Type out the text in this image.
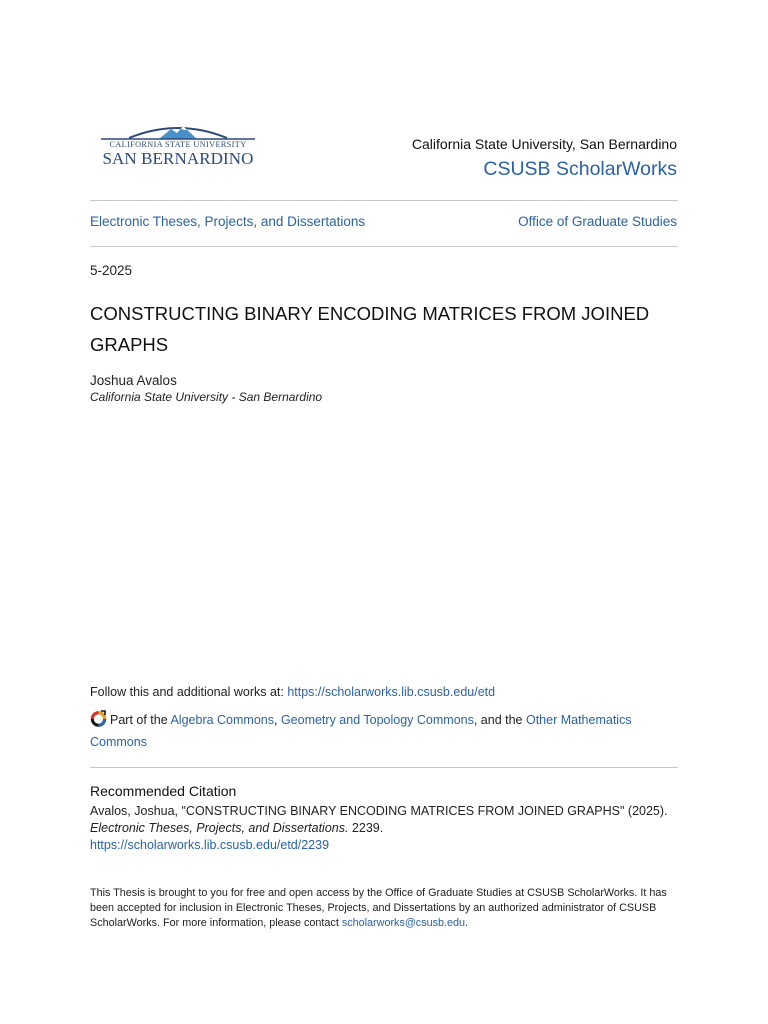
CALIFORNIA STATE UNIVERSITY
SAN BERNARDINO
California State University, San Bernardino
CSUSB ScholarWorks
Electronic Theses, Projects, and Dissertations	Office of Graduate Studies
5-2025
CONSTRUCTING BINARY ENCODING MATRICES FROM JOINED GRAPHS
Joshua Avalos
California State University - San Bernardino
Follow this and additional works at: https://scholarworks.lib.csusb.edu/etd
Part of the Algebra Commons, Geometry and Topology Commons, and the Other Mathematics Commons
Recommended Citation
Avalos, Joshua, "CONSTRUCTING BINARY ENCODING MATRICES FROM JOINED GRAPHS" (2025).
Electronic Theses, Projects, and Dissertations. 2239.
https://scholarworks.lib.csusb.edu/etd/2239
This Thesis is brought to you for free and open access by the Office of Graduate Studies at CSUSB ScholarWorks. It has been accepted for inclusion in Electronic Theses, Projects, and Dissertations by an authorized administrator of CSUSB ScholarWorks. For more information, please contact scholarworks@csusb.edu.
